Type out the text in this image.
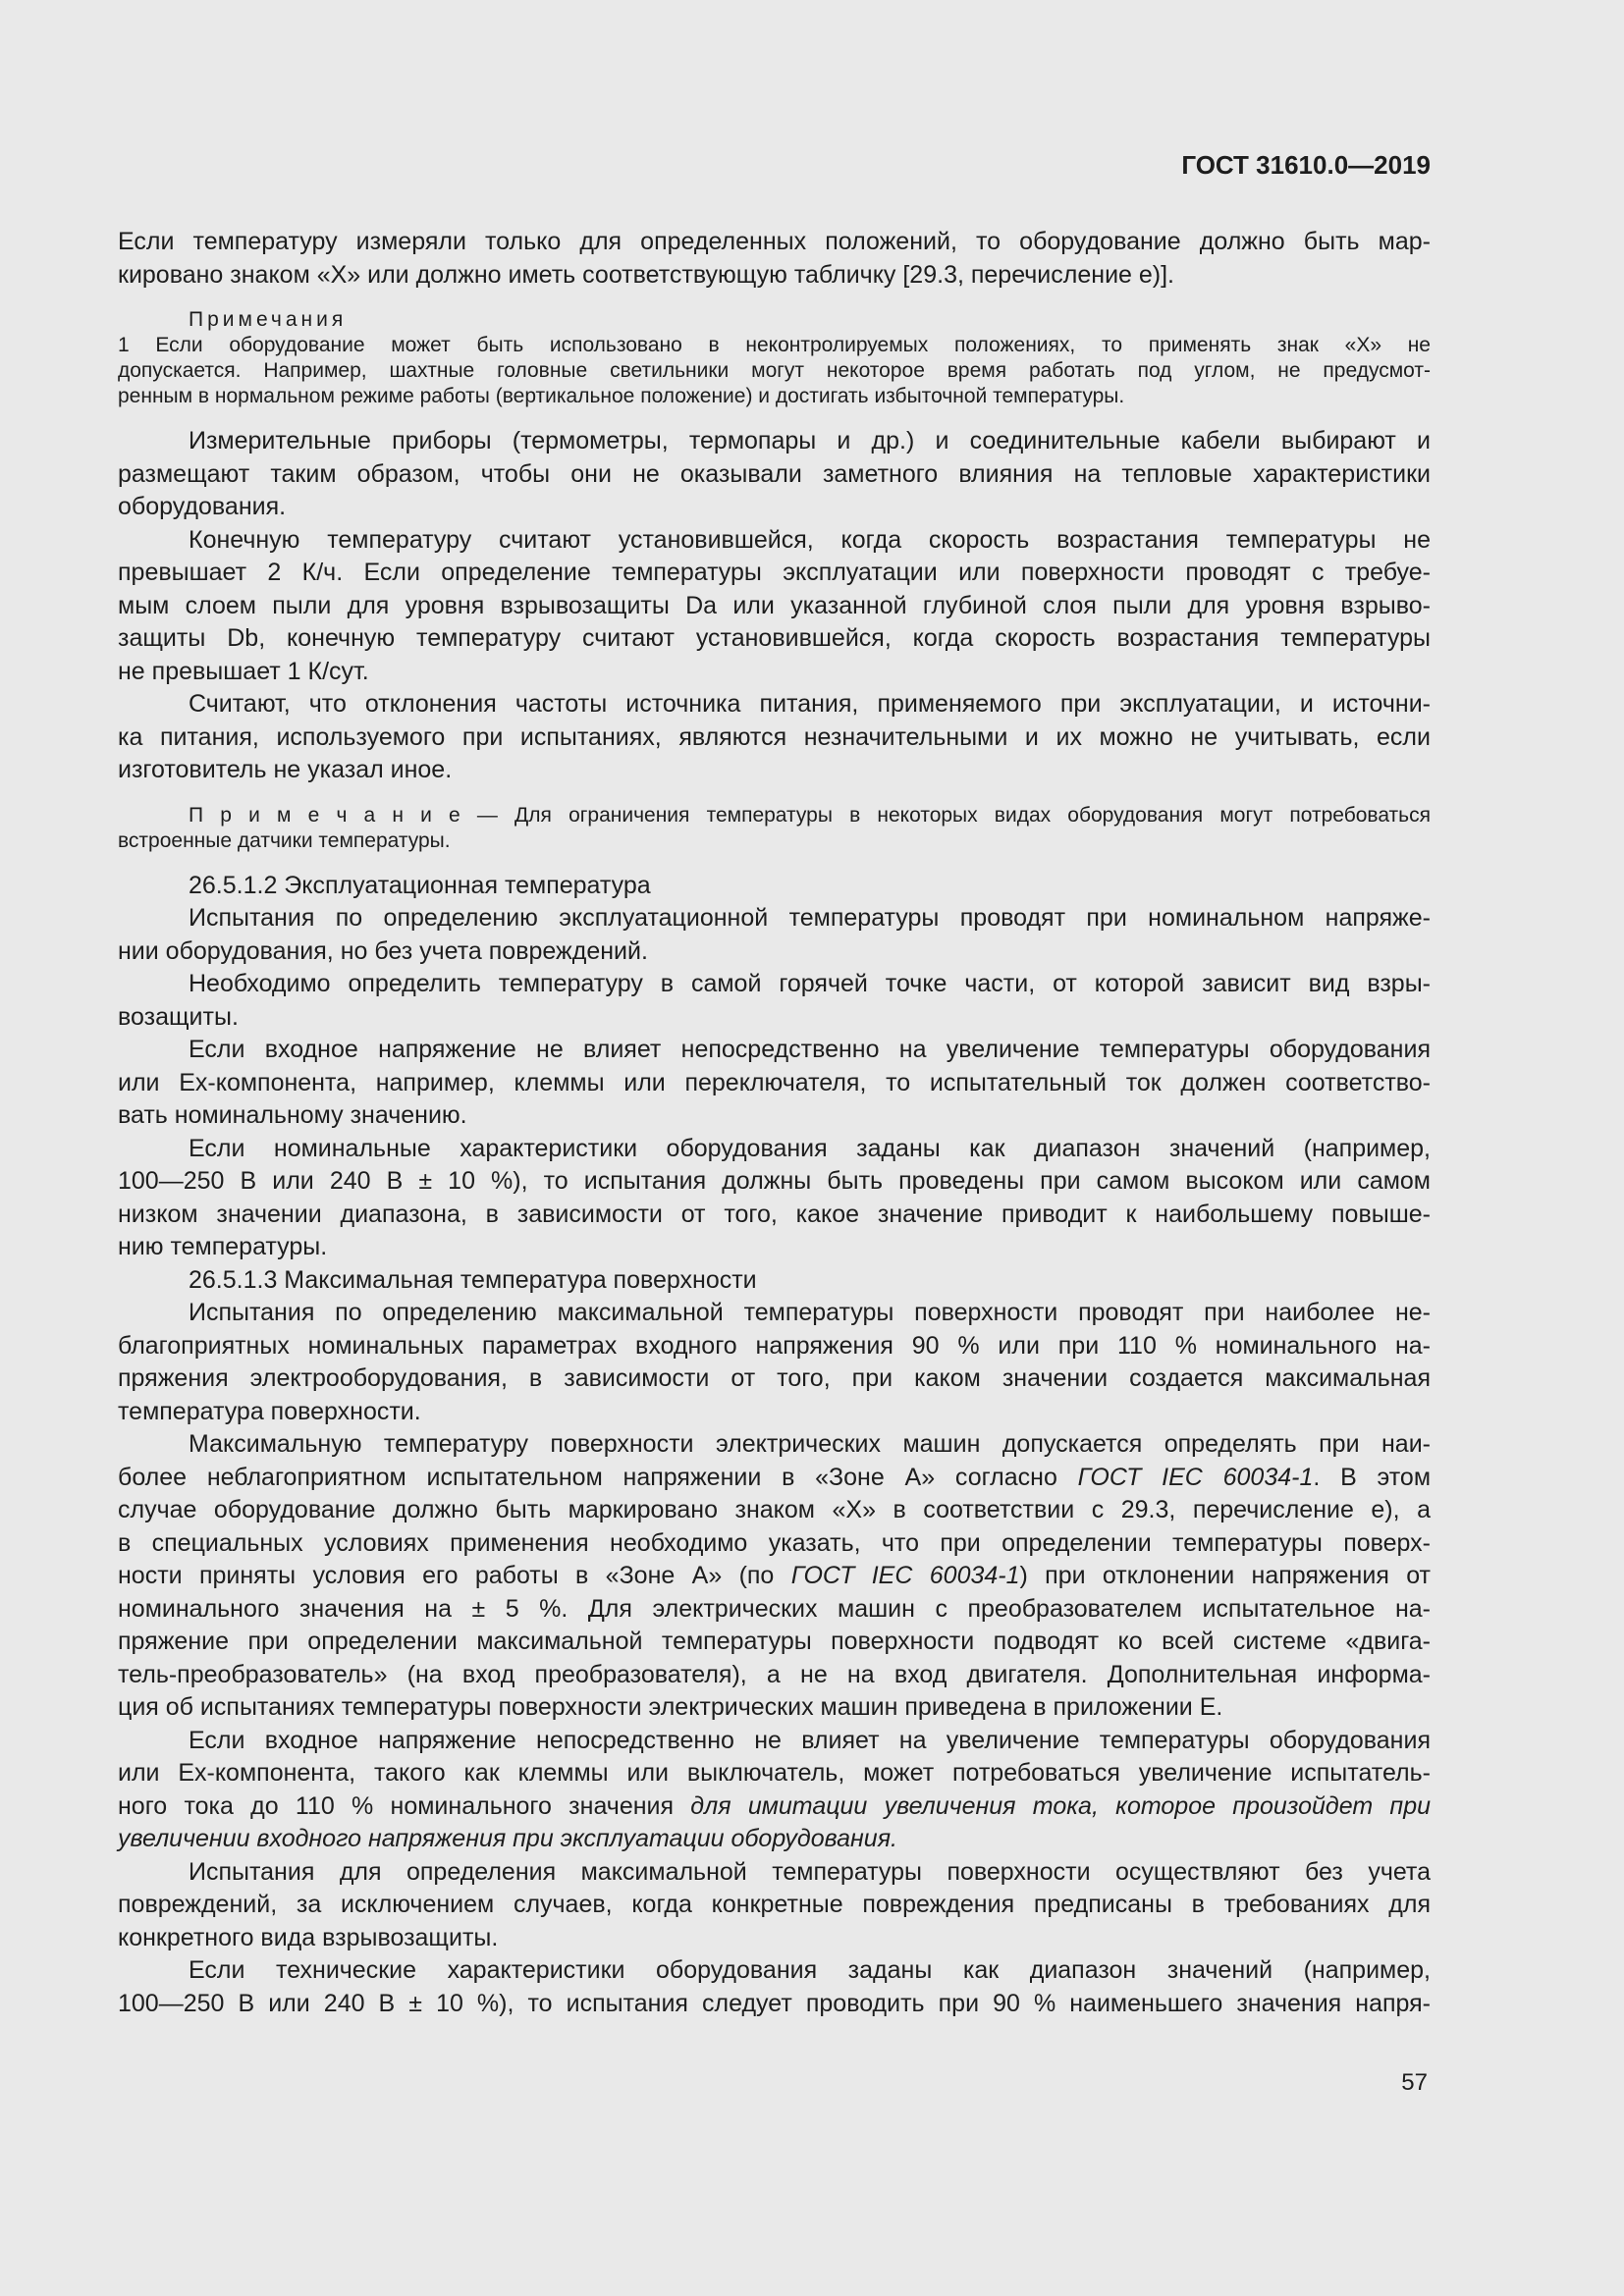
ГОСТ 31610.0—2019
Если температуру измеряли только для определенных положений, то оборудование должно быть мар-
кировано знаком «Х» или должно иметь соответствующую табличку [29.3, перечисление е)].
Примечания
1 Если оборудование может быть использовано в неконтролируемых положениях, то применять знак «Х» не
допускается. Например, шахтные головные светильники могут некоторое время работать под углом, не предусмот-
ренным в нормальном режиме работы (вертикальное положение) и достигать избыточной температуры.
Измерительные приборы (термометры, термопары и др.) и соединительные кабели выбирают и
размещают таким образом, чтобы они не оказывали заметного влияния на тепловые характеристики
оборудования.
Конечную температуру считают установившейся, когда скорость возрастания температуры не
превышает 2 К/ч. Если определение температуры эксплуатации или поверхности проводят с требуе-
мым слоем пыли для уровня взрывозащиты Da или указанной глубиной слоя пыли для уровня взрыво-
защиты Db, конечную температуру считают установившейся, когда скорость возрастания температуры
не превышает 1 К/сут.
Считают, что отклонения частоты источника питания, применяемого при эксплуатации, и источни-
ка питания, используемого при испытаниях, являются незначительными и их можно не учитывать, если
изготовитель не указал иное.
П р и м е ч а н и е — Для ограничения температуры в некоторых видах оборудования могут потребоваться
встроенные датчики температуры.
26.5.1.2 Эксплуатационная температура
Испытания по определению эксплуатационной температуры проводят при номинальном напряже-
нии оборудования, но без учета повреждений.
Необходимо определить температуру в самой горячей точке части, от которой зависит вид взры-
возащиты.
Если входное напряжение не влияет непосредственно на увеличение температуры оборудования
или Ex-компонента, например, клеммы или переключателя, то испытательный ток должен соответство-
вать номинальному значению.
Если номинальные характеристики оборудования заданы как диапазон значений (например,
100—250 В или 240 В ± 10 %), то испытания должны быть проведены при самом высоком или самом
низком значении диапазона, в зависимости от того, какое значение приводит к наибольшему повыше-
нию температуры.
26.5.1.3 Максимальная температура поверхности
Испытания по определению максимальной температуры поверхности проводят при наиболее не-
благоприятных номинальных параметрах входного напряжения 90 % или при 110 % номинального на-
пряжения электрооборудования, в зависимости от того, при каком значении создается максимальная
температура поверхности.
Максимальную температуру поверхности электрических машин допускается определять при наи-
более неблагоприятном испытательном напряжении в «Зоне А» согласно ГОСТ IEC 60034-1. В этом
случае оборудование должно быть маркировано знаком «Х» в соответствии с 29.3, перечисление е), а
в специальных условиях применения необходимо указать, что при определении температуры поверх-
ности приняты условия его работы в «Зоне А» (по ГОСТ IEC 60034-1) при отклонении напряжения от
номинального значения на ± 5 %. Для электрических машин с преобразователем испытательное на-
пряжение при определении максимальной температуры поверхности подводят ко всей системе «двига-
тель-преобразователь» (на вход преобразователя), а не на вход двигателя. Дополнительная информа-
ция об испытаниях температуры поверхности электрических машин приведена в приложении Е.
Если входное напряжение непосредственно не влияет на увеличение температуры оборудования
или Ex-компонента, такого как клеммы или выключатель, может потребоваться увеличение испытатель-
ного тока до 110 % номинального значения для имитации увеличения тока, которое произойдет при
увеличении входного напряжения при эксплуатации оборудования.
Испытания для определения максимальной температуры поверхности осуществляют без учета
повреждений, за исключением случаев, когда конкретные повреждения предписаны в требованиях для
конкретного вида взрывозащиты.
Если технические характеристики оборудования заданы как диапазон значений (например,
100—250 В или 240 В ± 10 %), то испытания следует проводить при 90 % наименьшего значения напря-
57
